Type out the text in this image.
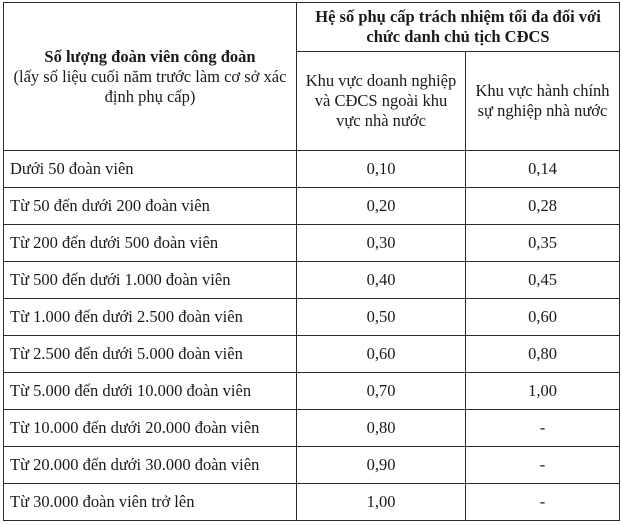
Số lượng đoàn viên công đoàn
(lấy số liệu cuối năm trước làm cơ sở xác định phụ cấp)	Hệ số phụ cấp trách nhiệm tối đa đối với chức danh chủ tịch CĐCS	
	Khu vực doanh nghiệp và CĐCS ngoài khu vực nhà nước	Khu vực hành chính sự nghiệp nhà nước
Dưới 50 đoàn viên	0,10	0,14
Từ 50 đến dưới 200 đoàn viên	0,20	0,28
Từ 200 đến dưới 500 đoàn viên	0,30	0,35
Từ 500 đến dưới 1.000 đoàn viên	0,40	0,45
Từ 1.000 đến dưới 2.500 đoàn viên	0,50	0,60
Từ 2.500 đến dưới 5.000 đoàn viên	0,60	0,80
Từ 5.000 đến dưới 10.000 đoàn viên	0,70	1,00
Từ 10.000 đến dưới 20.000 đoàn viên	0,80	-
Từ 20.000 đến dưới 30.000 đoàn viên	0,90	-
Từ 30.000 đoàn viên trở lên	1,00	-
